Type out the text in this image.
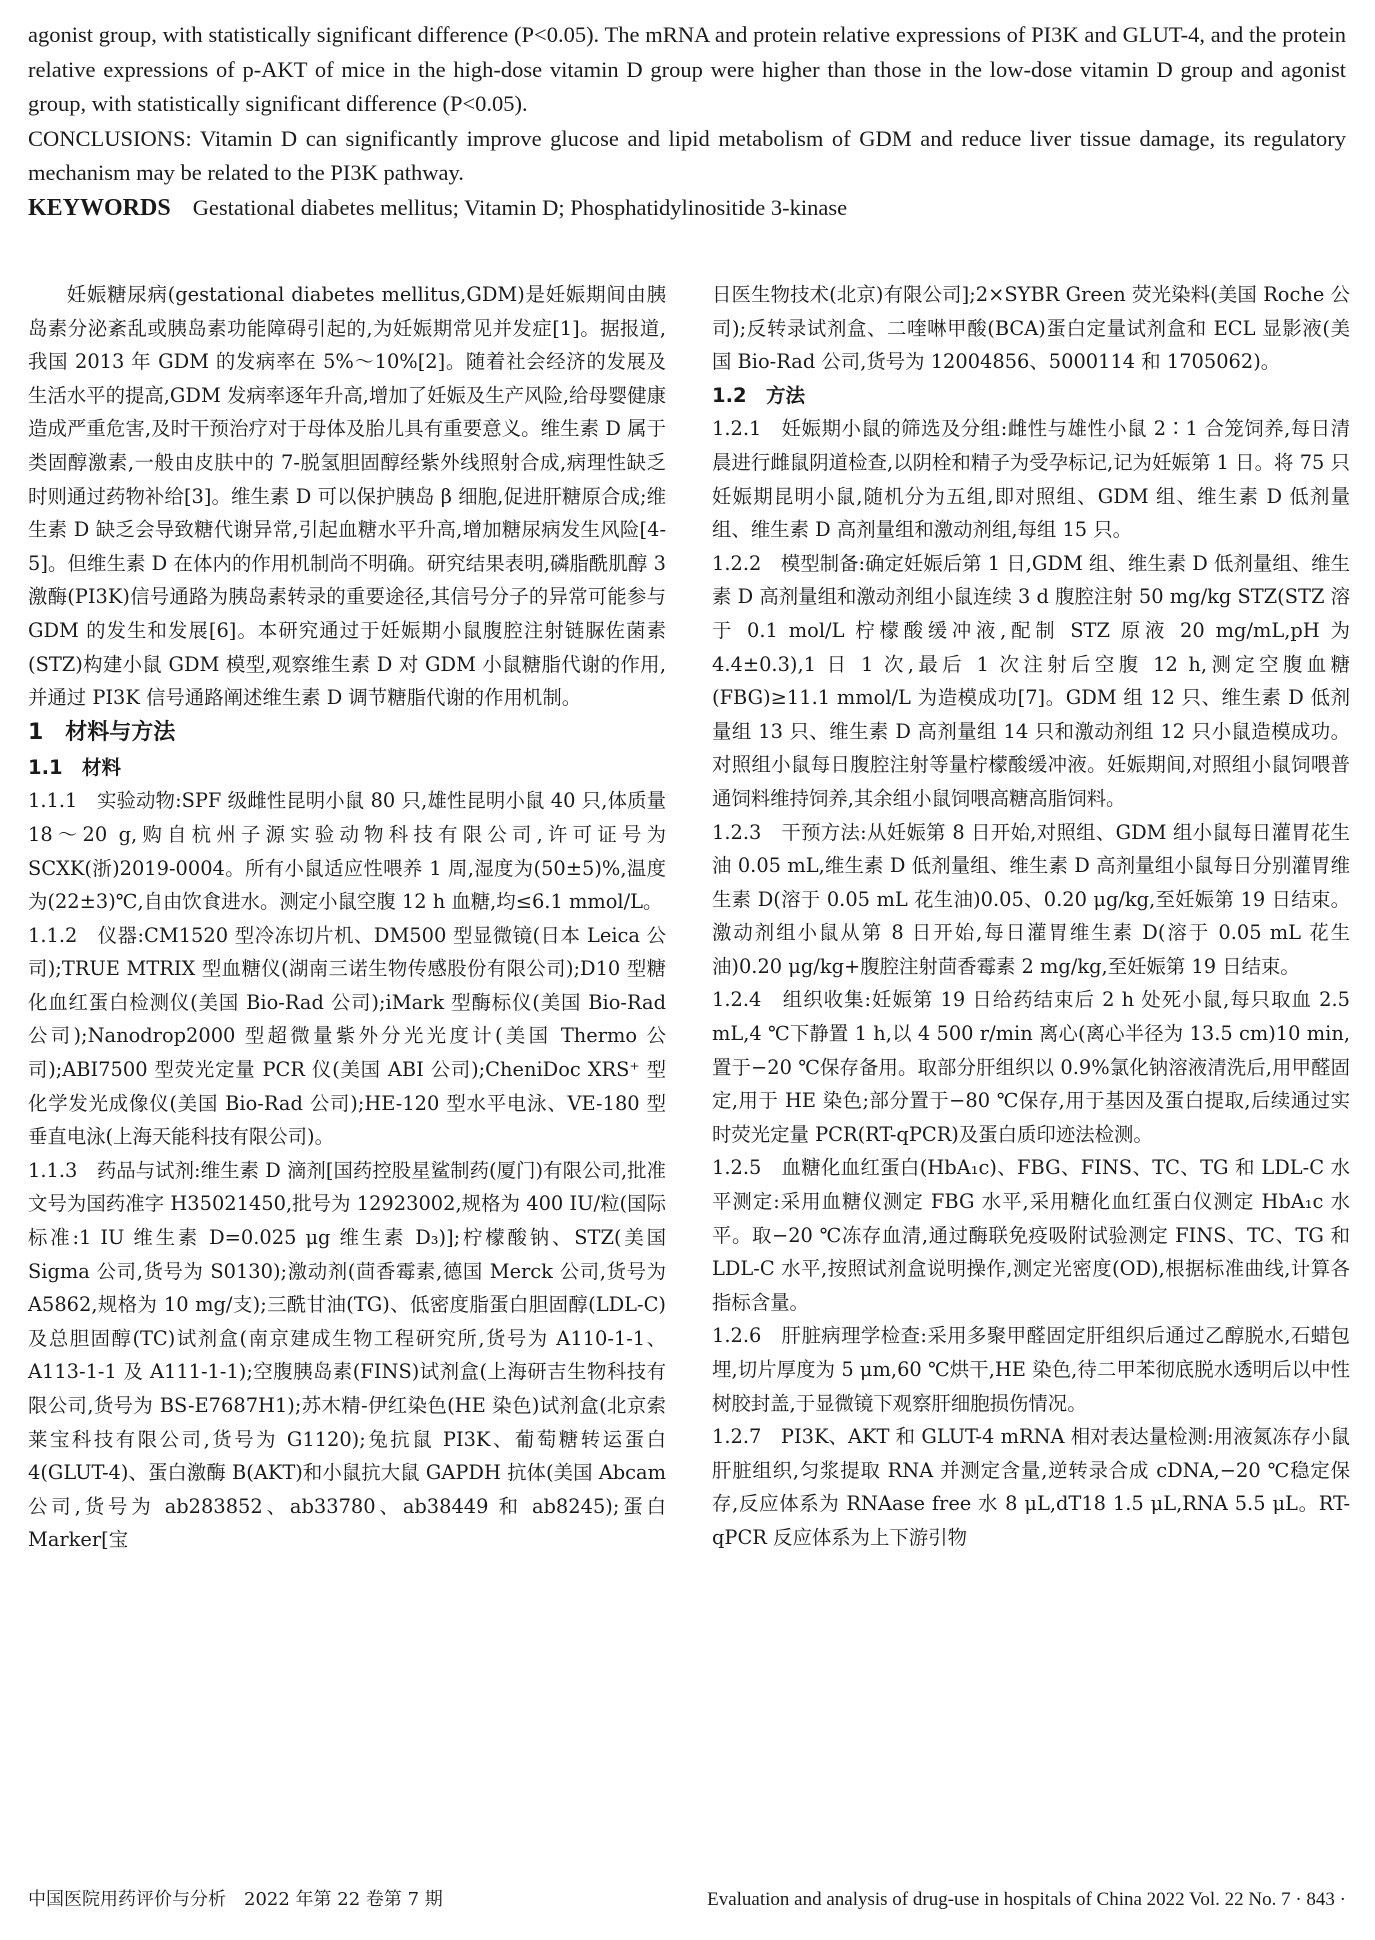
agonist group, with statistically significant difference (P<0.05). The mRNA and protein relative expressions of PI3K and GLUT-4, and the protein relative expressions of p-AKT of mice in the high-dose vitamin D group were higher than those in the low-dose vitamin D group and agonist group, with statistically significant difference (P<0.05).

CONCLUSIONS: Vitamin D can significantly improve glucose and lipid metabolism of GDM and reduce liver tissue damage, its regulatory mechanism may be related to the PI3K pathway.

KEYWORDS Gestational diabetes mellitus; Vitamin D; Phosphatidylinositide 3-kinase

妊娠糖尿病(gestational diabetes mellitus,GDM)是妊娠期间由胰岛素分泌紊乱或胰岛素功能障碍引起的,为妊娠期常见并发症[1]。据报道,我国 2013 年 GDM 的发病率在 5%～10%[2]。随着社会经济的发展及生活水平的提高,GDM 发病率逐年升高,增加了妊娠及生产风险,给母婴健康造成严重危害,及时干预治疗对于母体及胎儿具有重要意义。维生素 D 属于类固醇激素,一般由皮肤中的 7-脱氢胆固醇经紫外线照射合成,病理性缺乏时则通过药物补给[3]。维生素 D 可以保护胰岛 β 细胞,促进肝糖原合成;维生素 D 缺乏会导致糖代谢异常,引起血糖水平升高,增加糖尿病发生风险[4-5]。但维生素 D 在体内的作用机制尚不明确。研究结果表明,磷脂酰肌醇 3 激酶(PI3K)信号通路为胰岛素转录的重要途径,其信号分子的异常可能参与 GDM 的发生和发展[6]。本研究通过于妊娠期小鼠腹腔注射链脲佐菌素(STZ)构建小鼠 GDM 模型,观察维生素 D 对 GDM 小鼠糖脂代谢的作用,并通过 PI3K 信号通路阐述维生素 D 调节糖脂代谢的作用机制。

1　材料与方法

1.1　材料

1.1.1　实验动物:SPF 级雌性昆明小鼠 80 只,雄性昆明小鼠 40 只,体质量 18～20 g,购自杭州子源实验动物科技有限公司,许可证号为 SCXK(浙)2019-0004。所有小鼠适应性喂养 1 周,湿度为(50±5)%,温度为(22±3)℃,自由饮食进水。测定小鼠空腹 12 h 血糖,均≤6.1 mmol/L。

1.1.2　仪器:CM1520 型冷冻切片机、DM500 型显微镜(日本 Leica 公司);TRUE MTRIX 型血糖仪(湖南三诺生物传感股份有限公司);D10 型糖化血红蛋白检测仪(美国 Bio-Rad 公司);iMark 型酶标仪(美国 Bio-Rad 公司);Nanodrop2000 型超微量紫外分光光度计(美国 Thermo 公司);ABI7500 型荧光定量 PCR 仪(美国 ABI 公司);CheniDoc XRS⁺ 型化学发光成像仪(美国 Bio-Rad 公司);HE-120 型水平电泳、VE-180 型垂直电泳(上海天能科技有限公司)。

1.1.3　药品与试剂:维生素 D 滴剂[国药控股星鲨制药(厦门)有限公司,批准文号为国药准字 H35021450,批号为 12923002,规格为 400 IU/粒(国际标准:1 IU 维生素 D=0.025 μg 维生素 D₃)];柠檬酸钠、STZ(美国 Sigma 公司,货号为 S0130);激动剂(茴香霉素,德国 Merck 公司,货号为 A5862,规格为 10 mg/支);三酰甘油(TG)、低密度脂蛋白胆固醇(LDL-C)及总胆固醇(TC)试剂盒(南京建成生物工程研究所,货号为 A110-1-1、A113-1-1 及 A111-1-1);空腹胰岛素(FINS)试剂盒(上海研吉生物科技有限公司,货号为 BS-E7687H1);苏木精-伊红染色(HE 染色)试剂盒(北京索莱宝科技有限公司,货号为 G1120);兔抗鼠 PI3K、葡萄糖转运蛋白 4(GLUT-4)、蛋白激酶 B(AKT)和小鼠抗大鼠 GAPDH 抗体(美国 Abcam 公司,货号为 ab283852、ab33780、ab38449 和 ab8245);蛋白 Marker[宝

日医生物技术(北京)有限公司];2×SYBR Green 荧光染料(美国 Roche 公司);反转录试剂盒、二喹啉甲酸(BCA)蛋白定量试剂盒和 ECL 显影液(美国 Bio-Rad 公司,货号为 12004856、5000114 和 1705062)。

1.2　方法

1.2.1　妊娠期小鼠的筛选及分组:雌性与雄性小鼠 2∶1 合笼饲养,每日清晨进行雌鼠阴道检查,以阴栓和精子为受孕标记,记为妊娠第 1 日。将 75 只妊娠期昆明小鼠,随机分为五组,即对照组、GDM 组、维生素 D 低剂量组、维生素 D 高剂量组和激动剂组,每组 15 只。

1.2.2　模型制备:确定妊娠后第 1 日,GDM 组、维生素 D 低剂量组、维生素 D 高剂量组和激动剂组小鼠连续 3 d 腹腔注射 50 mg/kg STZ(STZ 溶于 0.1 mol/L 柠檬酸缓冲液,配制 STZ 原液 20 mg/mL,pH 为 4.4±0.3),1 日 1 次,最后 1 次注射后空腹 12 h,测定空腹血糖(FBG)≥11.1 mmol/L 为造模成功[7]。GDM 组 12 只、维生素 D 低剂量组 13 只、维生素 D 高剂量组 14 只和激动剂组 12 只小鼠造模成功。对照组小鼠每日腹腔注射等量柠檬酸缓冲液。妊娠期间,对照组小鼠饲喂普通饲料维持饲养,其余组小鼠饲喂高糖高脂饲料。

1.2.3　干预方法:从妊娠第 8 日开始,对照组、GDM 组小鼠每日灌胃花生油 0.05 mL,维生素 D 低剂量组、维生素 D 高剂量组小鼠每日分别灌胃维生素 D(溶于 0.05 mL 花生油)0.05、0.20 μg/kg,至妊娠第 19 日结束。激动剂组小鼠从第 8 日开始,每日灌胃维生素 D(溶于 0.05 mL 花生油)0.20 μg/kg+腹腔注射茴香霉素 2 mg/kg,至妊娠第 19 日结束。

1.2.4　组织收集:妊娠第 19 日给药结束后 2 h 处死小鼠,每只取血 2.5 mL,4 ℃下静置 1 h,以 4 500 r/min 离心(离心半径为 13.5 cm)10 min,置于−20 ℃保存备用。取部分肝组织以 0.9%氯化钠溶液清洗后,用甲醛固定,用于 HE 染色;部分置于−80 ℃保存,用于基因及蛋白提取,后续通过实时荧光定量 PCR(RT-qPCR)及蛋白质印迹法检测。

1.2.5　血糖化血红蛋白(HbA₁c)、FBG、FINS、TC、TG 和 LDL-C 水平测定:采用血糖仪测定 FBG 水平,采用糖化血红蛋白仪测定 HbA₁c 水平。取−20 ℃冻存血清,通过酶联免疫吸附试验测定 FINS、TC、TG 和 LDL-C 水平,按照试剂盒说明操作,测定光密度(OD),根据标准曲线,计算各指标含量。

1.2.6　肝脏病理学检查:采用多聚甲醛固定肝组织后通过乙醇脱水,石蜡包埋,切片厚度为 5 μm,60 ℃烘干,HE 染色,待二甲苯彻底脱水透明后以中性树胶封盖,于显微镜下观察肝细胞损伤情况。

1.2.7　PI3K、AKT 和 GLUT-4 mRNA 相对表达量检测:用液氮冻存小鼠肝脏组织,匀浆提取 RNA 并测定含量,逆转录合成 cDNA,−20 ℃稳定保存,反应体系为 RNAase free 水 8 μL,dT18 1.5 μL,RNA 5.5 μL。RT-qPCR 反应体系为上下游引物

中国医院用药评价与分析　2022 年第 22 卷第 7 期	Evaluation and analysis of drug-use in hospitals of China 2022 Vol. 22 No. 7 · 843 ·
